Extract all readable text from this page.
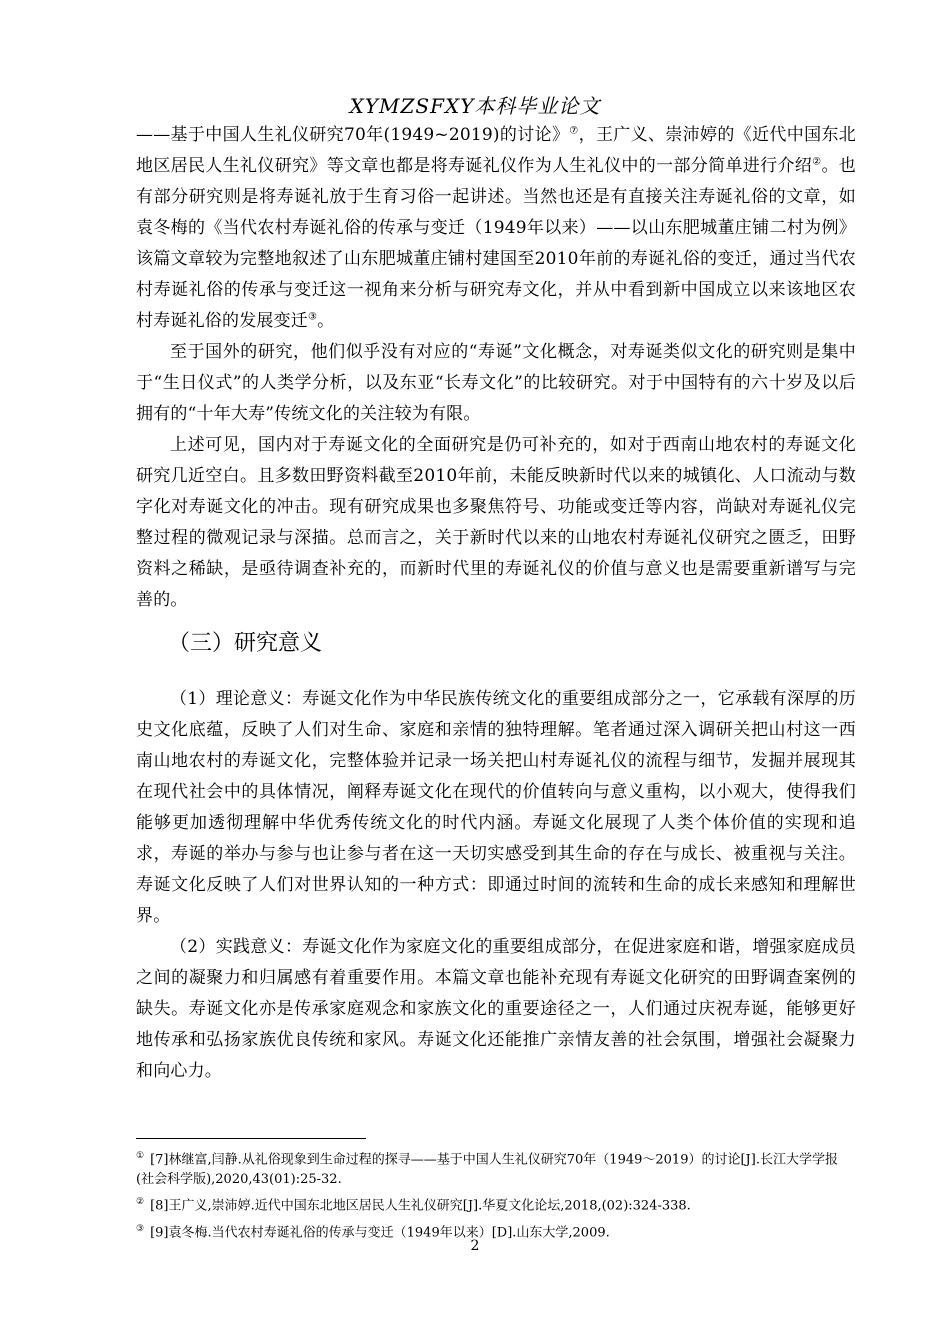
XYMZSFXY本科毕业论文

——基于中国人生礼仪研究70年(1949~2019)的讨论》⑦，王广义、崇沛婷的《近代中国东北地区居民人生礼仪研究》等文章也都是将寿诞礼仪作为人生礼仪中的一部分简单进行介绍②。也有部分研究则是将寿诞礼放于生育习俗一起讲述。当然也还是有直接关注寿诞礼俗的文章，如袁冬梅的《当代农村寿诞礼俗的传承与变迁（1949年以来）——以山东肥城董庄铺二村为例》该篇文章较为完整地叙述了山东肥城董庄铺村建国至2010年前的寿诞礼俗的变迁，通过当代农村寿诞礼俗的传承与变迁这一视角来分析与研究寿文化，并从中看到新中国成立以来该地区农村寿诞礼俗的发展变迁③。

至于国外的研究，他们似乎没有对应的“寿诞”文化概念，对寿诞类似文化的研究则是集中于“生日仪式”的人类学分析，以及东亚“长寿文化”的比较研究。对于中国特有的六十岁及以后拥有的“十年大寿”传统文化的关注较为有限。

上述可见，国内对于寿诞文化的全面研究是仍可补充的，如对于西南山地农村的寿诞文化研究几近空白。且多数田野资料截至2010年前，未能反映新时代以来的城镇化、人口流动与数字化对寿诞文化的冲击。现有研究成果也多聚焦符号、功能或变迁等内容，尚缺对寿诞礼仪完整过程的微观记录与深描。总而言之，关于新时代以来的山地农村寿诞礼仪研究之匮乏，田野资料之稀缺，是亟待调查补充的，而新时代里的寿诞礼仪的价值与意义也是需要重新谱写与完善的。

（三）研究意义

（1）理论意义：寿诞文化作为中华民族传统文化的重要组成部分之一，它承载有深厚的历史文化底蕴，反映了人们对生命、家庭和亲情的独特理解。笔者通过深入调研关把山村这一西南山地农村的寿诞文化，完整体验并记录一场关把山村寿诞礼仪的流程与细节，发掘并展现其在现代社会中的具体情况，阐释寿诞文化在现代的价值转向与意义重构，以小观大，使得我们能够更加透彻理解中华优秀传统文化的时代内涵。寿诞文化展现了人类个体价值的实现和追求，寿诞的举办与参与也让参与者在这一天切实感受到其生命的存在与成长、被重视与关注。寿诞文化反映了人们对世界认知的一种方式：即通过时间的流转和生命的成长来感知和理解世界。

（2）实践意义：寿诞文化作为家庭文化的重要组成部分，在促进家庭和谐，增强家庭成员之间的凝聚力和归属感有着重要作用。本篇文章也能补充现有寿诞文化研究的田野调查案例的缺失。寿诞文化亦是传承家庭观念和家族文化的重要途径之一，人们通过庆祝寿诞，能够更好地传承和弘扬家族优良传统和家风。寿诞文化还能推广亲情友善的社会氛围，增强社会凝聚力和向心力。

① [7]林继富,闫静.从礼俗现象到生命过程的探寻——基于中国人生礼仪研究70年（1949～2019）的讨论[J].长江大学学报(社会科学版),2020,43(01):25-32.

② [8]王广义,崇沛婷.近代中国东北地区居民人生礼仪研究[J].华夏文化论坛,2018,(02):324-338.

③ [9]袁冬梅.当代农村寿诞礼俗的传承与变迁（1949年以来）[D].山东大学,2009.

2
